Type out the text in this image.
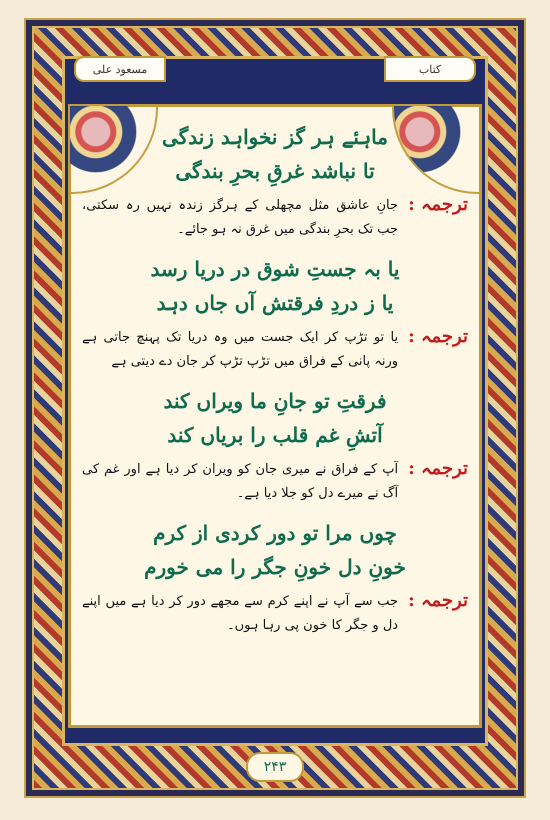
مسعود علی	کتاب
ماہئے ہر گز نخواہد زندگی
تا نباشد غرقِ بحرِ بندگی
ترجمہ :
جانِ عاشق مثل مچھلی کے ہرگز زندہ نہیں رہ سکتی، جب تک بحرِ بندگی میں غرق نہ ہو جائے۔
یا بہ جستِ شوق در دریا رسد
یا ز دردِ فرقتش آں جاں دہد
ترجمہ :
یا تو تڑپ کر ایک جست میں وہ دریا تک پہنچ جاتی ہے ورنہ پانی کے فراق میں تڑپ تڑپ کر جان دے دیتی ہے
فرقتِ تو جانِ ما ویراں کند
آتشِ غم قلب را بریاں کند
ترجمہ :
آپ کے فراق نے میری جان کو ویران کر دیا ہے اور غم کی آگ نے میرے دل کو جلا دیا ہے۔
چوں مرا تو دور کردی از کرم
خونِ دل خونِ جگر را می خورم
ترجمہ :
جب سے آپ نے اپنے کرم سے مجھے دور کر دیا ہے میں اپنے دل و جگر کا خون پی رہا ہوں۔
۲۴۳
